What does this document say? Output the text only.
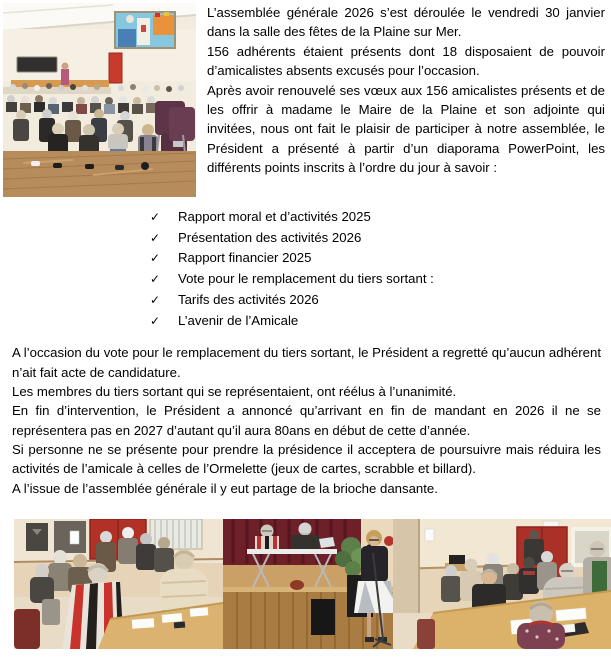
L’assemblée générale 2026 s’est déroulée le vendredi 30 janvier dans la salle des fêtes de la Plaine sur Mer.

156 adhérents étaient présents dont 18 disposaient de pouvoir d’amicalistes absents excusés pour l’occasion.

Après avoir renouvelé ses vœux aux 156 amicalistes présents et de les offrir à madame le Maire de la Plaine et son adjointe qui invitées, nous ont fait le plaisir de participer à notre assemblée, le Président a présenté à partir d’un diaporama PowerPoint, les différents points inscrits à l’ordre du jour à savoir :

✓ Rapport moral et d’activités 2025
✓ Présentation des activités 2026
✓ Rapport financier 2025
✓ Vote pour le remplacement du tiers sortant :
✓ Tarifs des activités 2026
✓ L’avenir de l’Amicale

A l’occasion du vote pour le remplacement du tiers sortant, le Président a regretté qu’aucun adhérent n’ait fait acte de candidature.

Les membres du tiers sortant qui se représentaient, ont réélus à l’unanimité.

En fin d’intervention, le Président a annoncé qu’arrivant en fin de mandant en 2026 il ne se représentera pas en 2027 d’autant qu’il aura 80ans en début de cette d’année.

Si personne ne se présente pour prendre la présidence il acceptera de poursuivre mais réduira les activités de l’amicale à celles de l’Ormelette (jeux de cartes, scrabble et billard).

A l’issue de l’assemblée générale il y eut partage de la brioche dansante.
